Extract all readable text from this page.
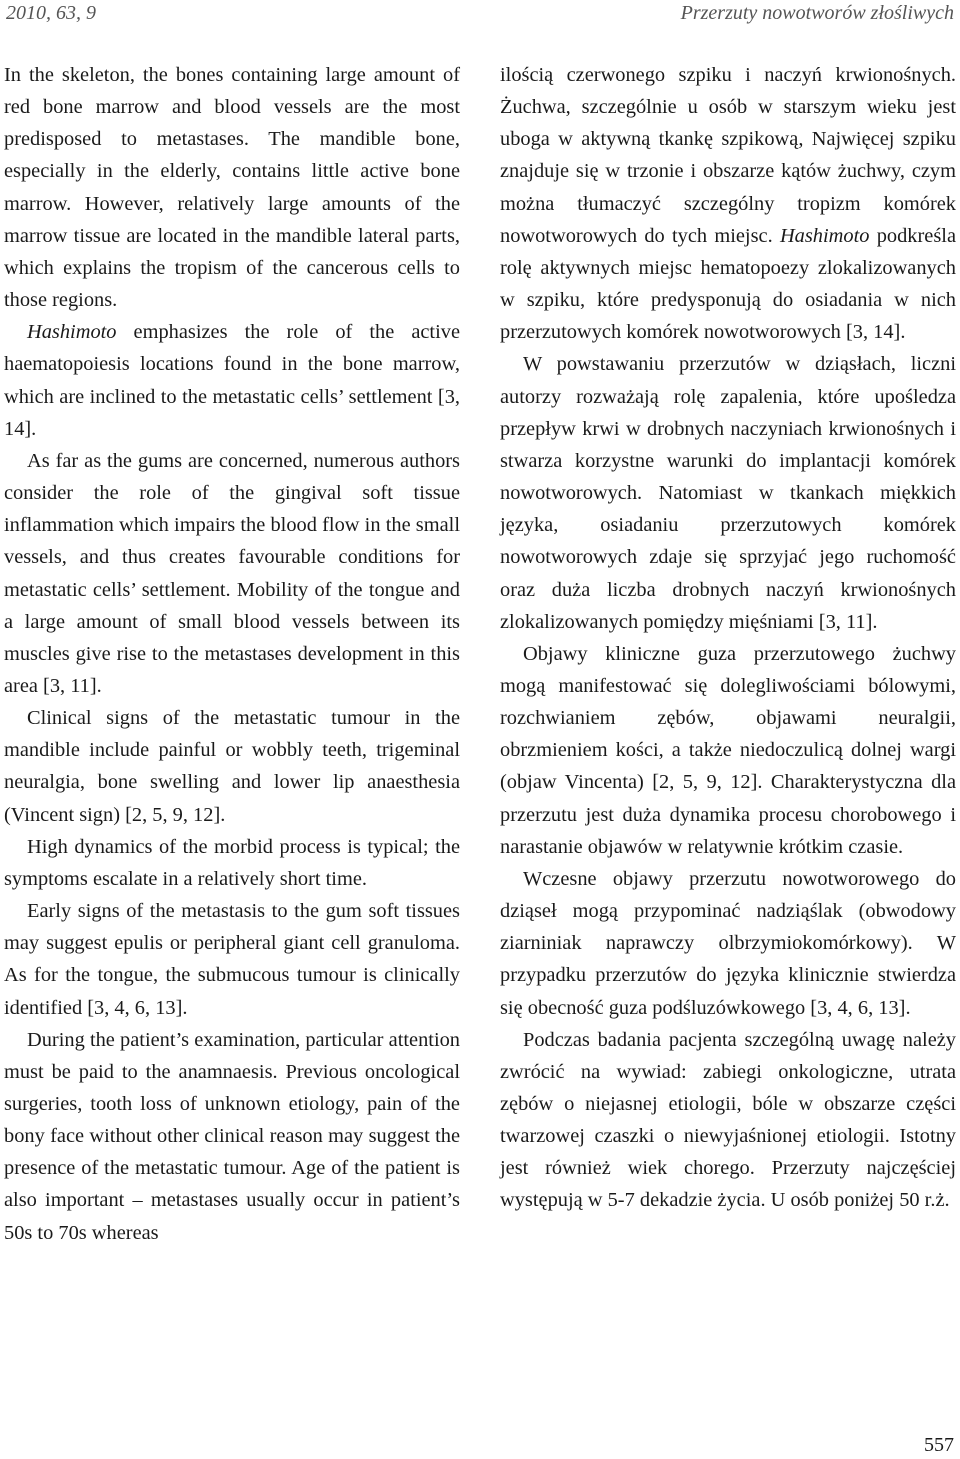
2010, 63, 9	Przerzuty nowotworów złośliwych

In the skeleton, the bones containing large amount of red bone marrow and blood vessels are the most predisposed to metastases. The mandible bone, especially in the elderly, contains little active bone marrow. However, relatively large amounts of the marrow tissue are located in the mandible lateral parts, which explains the tropism of the cancerous cells to those regions.

Hashimoto emphasizes the role of the active haematopoiesis locations found in the bone marrow, which are inclined to the metastatic cells’ settlement [3, 14].

As far as the gums are concerned, numerous authors consider the role of the gingival soft tissue inflammation which impairs the blood flow in the small vessels, and thus creates favourable conditions for metastatic cells’ settlement. Mobility of the tongue and a large amount of small blood vessels between its muscles give rise to the metastases development in this area [3, 11].

Clinical signs of the metastatic tumour in the mandible include painful or wobbly teeth, trigeminal neuralgia, bone swelling and lower lip anaesthesia (Vincent sign) [2, 5, 9, 12].

High dynamics of the morbid process is typical; the symptoms escalate in a relatively short time.

Early signs of the metastasis to the gum soft tissues may suggest epulis or peripheral giant cell granuloma. As for the tongue, the submucous tumour is clinically identified [3, 4, 6, 13].

During the patient’s examination, particular attention must be paid to the anamnaesis. Previous oncological surgeries, tooth loss of unknown etiology, pain of the bony face without other clinical reason may suggest the presence of the metastatic tumour. Age of the patient is also important – metastases usually occur in patient’s 50s to 70s whereas

ilością czerwonego szpiku i naczyń krwionośnych. Żuchwa, szczególnie u osób w starszym wieku jest uboga w aktywną tkankę szpikową, Najwięcej szpiku znajduje się w trzonie i obszarze kątów żuchwy, czym można tłumaczyć szczególny tropizm komórek nowotworowych do tych miejsc. Hashimoto podkreśla rolę aktywnych miejsc hematopoezy zlokalizowanych w szpiku, które predysponują do osiadania w nich przerzutowych komórek nowotworowych [3, 14].

W powstawaniu przerzutów w dziąsłach, liczni autorzy rozważają rolę zapalenia, które upośledza przepływ krwi w drobnych naczyniach krwionośnych i stwarza korzystne warunki do implantacji komórek nowotworowych. Natomiast w tkankach miękkich języka, osiadaniu przerzutowych komórek nowotworowych zdaje się sprzyjać jego ruchomość oraz duża liczba drobnych naczyń krwionośnych zlokalizowanych pomiędzy mięśniami [3, 11].

Objawy kliniczne guza przerzutowego żuchwy mogą manifestować się dolegliwościami bólowymi, rozchwianiem zębów, objawami neuralgii, obrzmieniem kości, a także niedoczulicą dolnej wargi (objaw Vincenta) [2, 5, 9, 12]. Charakterystyczna dla przerzutu jest duża dynamika procesu chorobowego i narastanie objawów w relatywnie krótkim czasie.

Wczesne objawy przerzutu nowotworowego do dziąseł mogą przypominać nadziąślak (obwodowy ziarniniak naprawczy olbrzymiokomórkowy). W przypadku przerzutów do języka klinicznie stwierdza się obecność guza podśluzówkowego [3, 4, 6, 13].

Podczas badania pacjenta szczególną uwagę należy zwrócić na wywiad: zabiegi onkologiczne, utrata zębów o niejasnej etiologii, bóle w obszarze części twarzowej czaszki o niewyjaśnionej etiologii. Istotny jest również wiek chorego. Przerzuty najczęściej występują w 5-7 dekadzie życia. U osób poniżej 50 r.ż.

557
